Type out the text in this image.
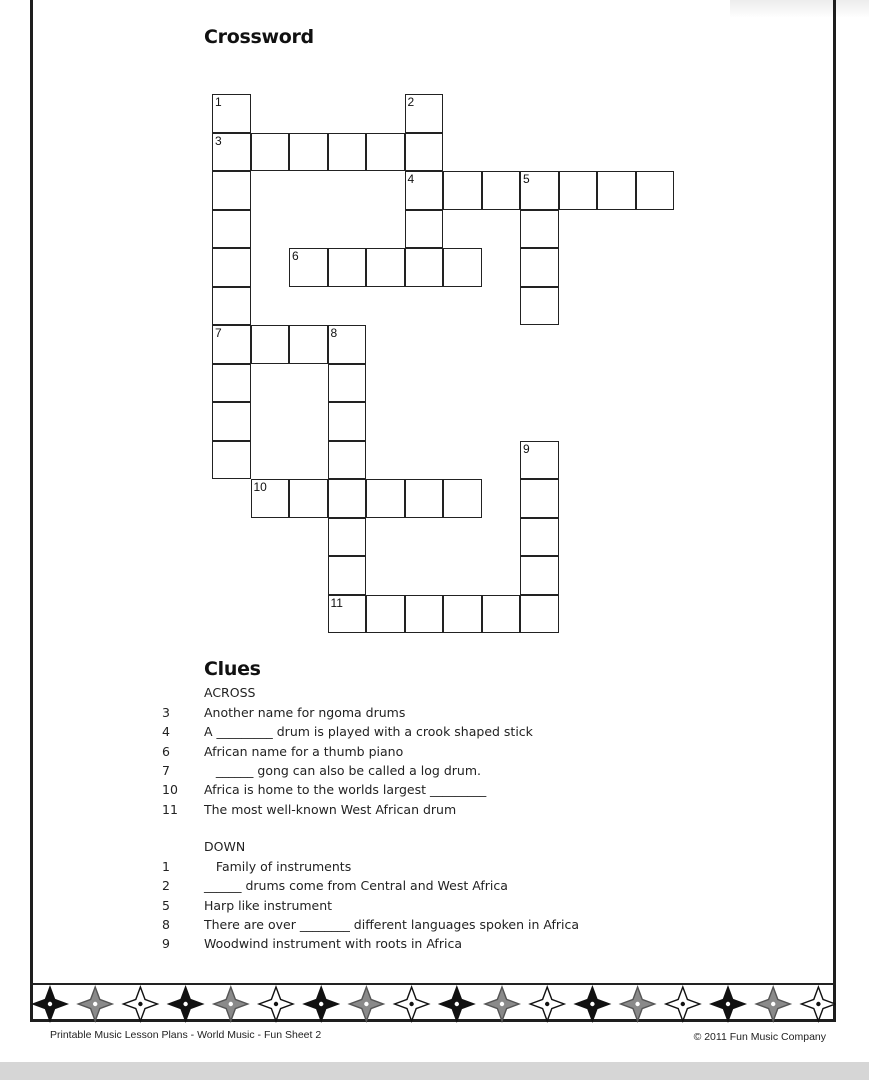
Crossword
1
3
7
2
4	5
6
8
10
9
11
Clues
ACROSS
3	Another name for ngoma drums
4	A _________ drum is played with a crook shaped stick
6	African name for a thumb piano
7	______ gong can also be called a log drum.
10	Africa is home to the worlds largest _________
11	The most well-known West African drum
DOWN
1	Family of instruments
2	______ drums come from Central and West Africa
5	Harp like instrument
8	There are over ________ different languages spoken in Africa
9	Woodwind instrument with roots in Africa
Printable Music Lesson Plans - World Music - Fun Sheet 2	© 2011 Fun Music Company
